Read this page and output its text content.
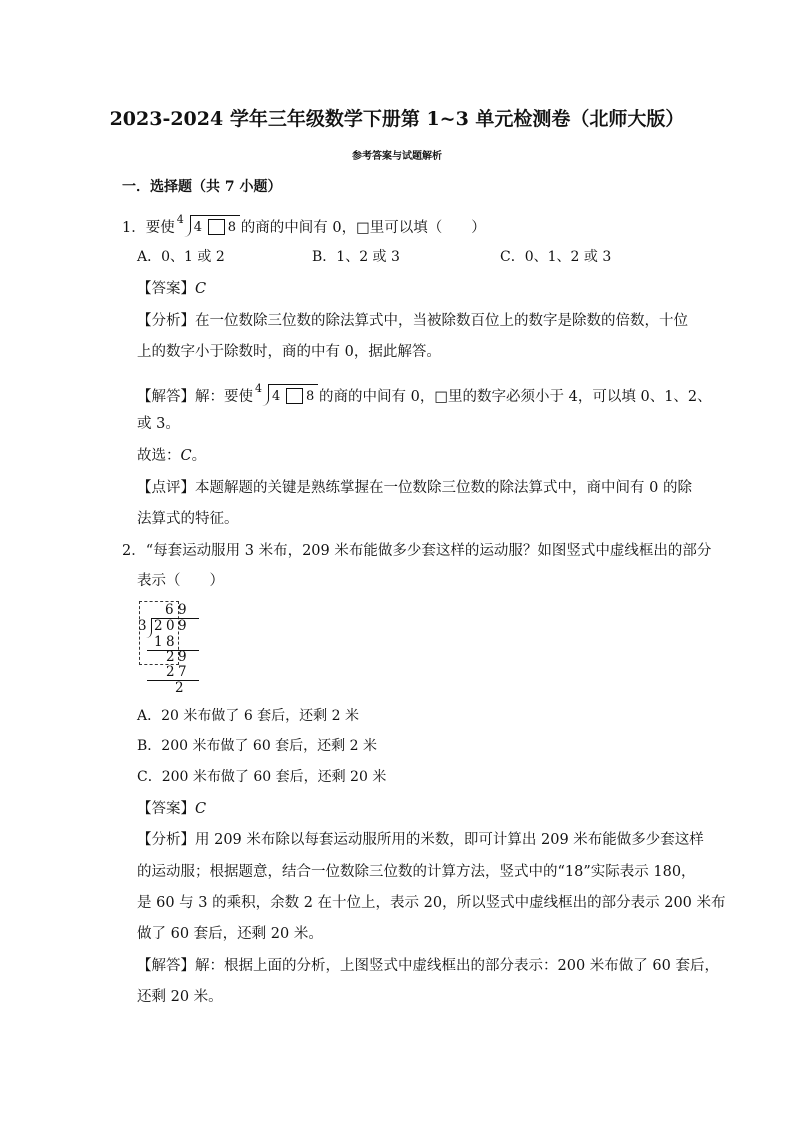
2023-2024 学年三年级数学下册第 1~3 单元检测卷（北师大版）
参考答案与试题解析
一．选择题（共 7 小题）
1．要使
4
4 8 的商的中间有 0，□里可以填（　　）
A．0、1 或 2	B．1、2 或 3	C．0、1、2 或 3
【答案】C
【分析】在一位数除三位数的除法算式中，当被除数百位上的数字是除数的倍数，十位
上的数字小于除数时，商的中有 0，据此解答。
【解答】解：要使
4
4 8 的商的中间有 0，□里的数字必须小于 4，可以填 0、1、2、
或 3。
故选：C。
【点评】本题解题的关键是熟练掌握在一位数除三位数的除法算式中，商中间有 0 的除
法算式的特征。
2．“每套运动服用 3 米布，209 米布能做多少套这样的运动服？如图竖式中虚线框出的部分
表示（　　）
6 9
3 2 0 9
1 8
2 9
2 7
2
A．20 米布做了 6 套后，还剩 2 米
B．200 米布做了 60 套后，还剩 2 米
C．200 米布做了 60 套后，还剩 20 米
【答案】C
【分析】用 209 米布除以每套运动服所用的米数，即可计算出 209 米布能做多少套这样
的运动服；根据题意，结合一位数除三位数的计算方法，竖式中的“18”实际表示 180，
是 60 与 3 的乘积，余数 2 在十位上，表示 20，所以竖式中虚线框出的部分表示 200 米布
做了 60 套后，还剩 20 米。
【解答】解：根据上面的分析，上图竖式中虚线框出的部分表示：200 米布做了 60 套后，
还剩 20 米。
